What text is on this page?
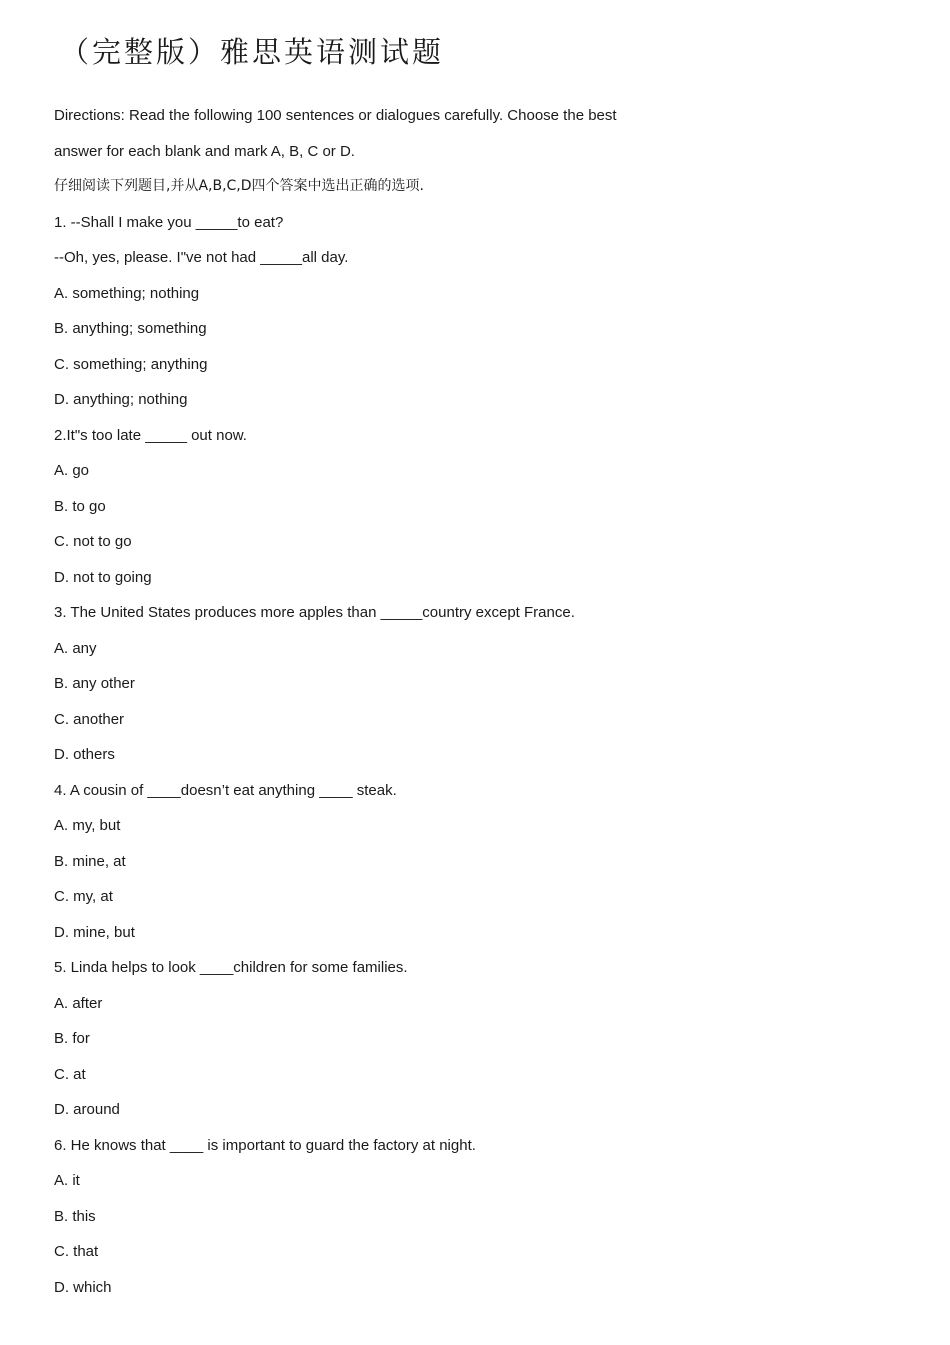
（完整版）雅思英语测试题
Directions: Read the following 100 sentences or dialogues carefully. Choose the best
answer for each blank and mark A, B, C or D.
仔细阅读下列题目,并从A,B,C,D四个答案中选出正确的选项.
1. --Shall I make you _____to eat?
--Oh, yes, please. I"ve not had _____all day.
A. something; nothing
B. anything; something
C. something; anything
D. anything; nothing
2.It"s too late _____ out now.
A. go
B. to go
C. not to go
D. not to going
3. The United States produces more apples than _____country except France.
A. any
B. any other
C. another
D. others
4. A cousin of ____doesn’t eat anything ____ steak.
A. my, but
B. mine, at
C. my, at
D. mine, but
5. Linda helps to look ____children for some families.
A. after
B. for
C. at
D. around
6. He knows that ____ is important to guard the factory at night.
A. it
B. this
C. that
D. which
